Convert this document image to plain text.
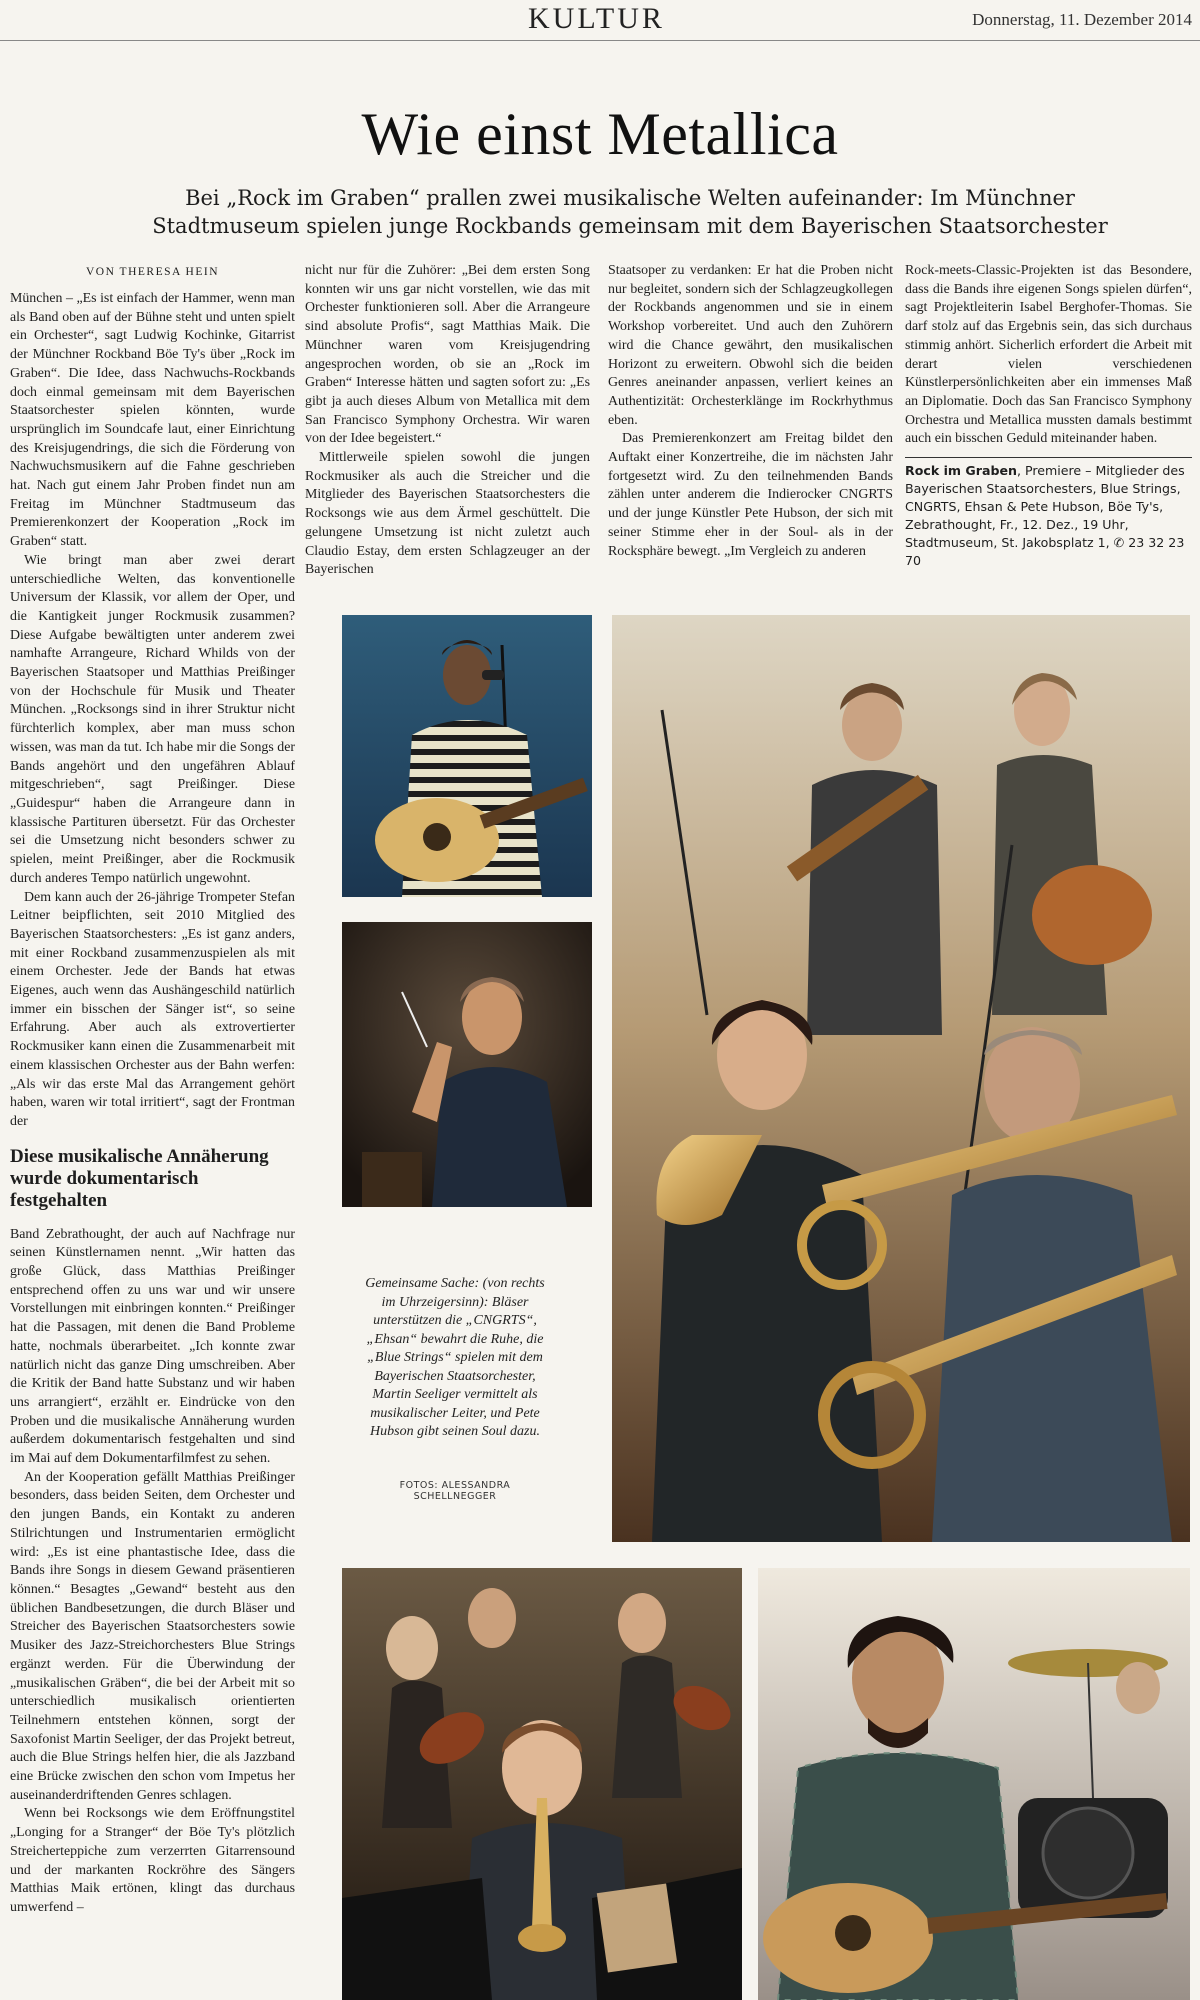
KULTUR	Donnerstag, 11. Dezember 2014
Wie einst Metallica
Bei „Rock im Graben“ prallen zwei musikalische Welten aufeinander: Im Münchner Stadtmuseum spielen junge Rockbands gemeinsam mit dem Bayerischen Staatsorchester
VON THERESA HEIN

München – „Es ist einfach der Hammer, wenn man als Band oben auf der Bühne steht und unten spielt ein Orchester“, sagt Ludwig Kochinke, Gitarrist der Münchner Rockband Böe Ty's über „Rock im Graben“. Die Idee, dass Nachwuchs-Rockbands doch einmal gemeinsam mit dem Bayerischen Staatsorchester spielen könnten, wurde ursprünglich im Soundcafe laut, einer Einrichtung des Kreisjugendrings, die sich die Förderung von Nachwuchsmusikern auf die Fahne geschrieben hat. Nach gut einem Jahr Proben findet nun am Freitag im Münchner Stadtmuseum das Premierenkonzert der Kooperation „Rock im Graben“ statt.

Wie bringt man aber zwei derart unterschiedliche Welten, das konventionelle Universum der Klassik, vor allem der Oper, und die Kantigkeit junger Rockmusik zusammen? Diese Aufgabe bewältigten unter anderem zwei namhafte Arrangeure, Richard Whilds von der Bayerischen Staatsoper und Matthias Preißinger von der Hochschule für Musik und Theater München. „Rocksongs sind in ihrer Struktur nicht fürchterlich komplex, aber man muss schon wissen, was man da tut. Ich habe mir die Songs der Bands angehört und den ungefähren Ablauf mitgeschrieben“, sagt Preißinger. Diese „Guidespur“ haben die Arrangeure dann in klassische Partituren übersetzt. Für das Orchester sei die Umsetzung nicht besonders schwer zu spielen, meint Preißinger, aber die Rockmusik durch anderes Tempo natürlich ungewohnt.

Dem kann auch der 26-jährige Trompeter Stefan Leitner beipflichten, seit 2010 Mitglied des Bayerischen Staatsorchesters: „Es ist ganz anders, mit einer Rockband zusammenzuspielen als mit einem Orchester. Jede der Bands hat etwas Eigenes, auch wenn das Aushängeschild natürlich immer ein bisschen der Sänger ist“, so seine Erfahrung. Aber auch als extrovertierter Rockmusiker kann einen die Zusammenarbeit mit einem klassischen Orchester aus der Bahn werfen: „Als wir das erste Mal das Arrangement gehört haben, waren wir total irritiert“, sagt der Frontman der

Diese musikalische Annäherung wurde dokumentarisch festgehalten

Band Zebrathought, der auch auf Nachfrage nur seinen Künstlernamen nennt. „Wir hatten das große Glück, dass Matthias Preißinger entsprechend offen zu uns war und wir unsere Vorstellungen mit einbringen konnten.“ Preißinger hat die Passagen, mit denen die Band Probleme hatte, nochmals überarbeitet. „Ich konnte zwar natürlich nicht das ganze Ding umschreiben. Aber die Kritik der Band hatte Substanz und wir haben uns arrangiert“, erzählt er. Eindrücke von den Proben und die musikalische Annäherung wurden außerdem dokumentarisch festgehalten und sind im Mai auf dem Dokumentarfilmfest zu sehen.

An der Kooperation gefällt Matthias Preißinger besonders, dass beiden Seiten, dem Orchester und den jungen Bands, ein Kontakt zu anderen Stilrichtungen und Instrumentarien ermöglicht wird: „Es ist eine phantastische Idee, dass die Bands ihre Songs in diesem Gewand präsentieren können.“ Besagtes „Gewand“ besteht aus den üblichen Bandbesetzungen, die durch Bläser und Streicher des Bayerischen Staatsorchesters sowie Musiker des Jazz-Streichorchesters Blue Strings ergänzt werden. Für die Überwindung der „musikalischen Gräben“, die bei der Arbeit mit so unterschiedlich musikalisch orientierten Teilnehmern entstehen können, sorgt der Saxofonist Martin Seeliger, der das Projekt betreut, auch die Blue Strings helfen hier, die als Jazzband eine Brücke zwischen den schon vom Impetus her auseinanderdriftenden Genres schlagen.

Wenn bei Rocksongs wie dem Eröffnungstitel „Longing for a Stranger“ der Böe Ty's plötzlich Streicherteppiche zum verzerrten Gitarrensound und der markanten Rockröhre des Sängers Matthias Maik ertönen, klingt das durchaus umwerfend –

nicht nur für die Zuhörer: „Bei dem ersten Song konnten wir uns gar nicht vorstellen, wie das mit Orchester funktionieren soll. Aber die Arrangeure sind absolute Profis“, sagt Matthias Maik. Die Münchner waren vom Kreisjugendring angesprochen worden, ob sie an „Rock im Graben“ Interesse hätten und sagten sofort zu: „Es gibt ja auch dieses Album von Metallica mit dem San Francisco Symphony Orchestra. Wir waren von der Idee begeistert.“

Mittlerweile spielen sowohl die jungen Rockmusiker als auch die Streicher und die Mitglieder des Bayerischen Staatsorchesters die Rocksongs wie aus dem Ärmel geschüttelt. Die gelungene Umsetzung ist nicht zuletzt auch Claudio Estay, dem ersten Schlagzeuger an der Bayerischen

Staatsoper zu verdanken: Er hat die Proben nicht nur begleitet, sondern sich der Schlagzeugkollegen der Rockbands angenommen und sie in einem Workshop vorbereitet. Und auch den Zuhörern wird die Chance gewährt, den musikalischen Horizont zu erweitern. Obwohl sich die beiden Genres aneinander anpassen, verliert keines an Authentizität: Orchesterklänge im Rockrhythmus eben.

Das Premierenkonzert am Freitag bildet den Auftakt einer Konzertreihe, die im nächsten Jahr fortgesetzt wird. Zu den teilnehmenden Bands zählen unter anderem die Indierocker CNGRTS und der junge Künstler Pete Hubson, der sich mit seiner Stimme eher in der Soul- als in der Rocksphäre bewegt. „Im Vergleich zu anderen

Rock-meets-Classic-Projekten ist das Besondere, dass die Bands ihre eigenen Songs spielen dürfen“, sagt Projektleiterin Isabel Berghofer-Thomas. Sie darf stolz auf das Ergebnis sein, das sich durchaus stimmig anhört. Sicherlich erfordert die Arbeit mit derart vielen verschiedenen Künstlerpersönlichkeiten aber ein immenses Maß an Diplomatie. Doch das San Francisco Symphony Orchestra und Metallica mussten damals bestimmt auch ein bisschen Geduld miteinander haben.

Rock im Graben, Premiere – Mitglieder des Bayerischen Staatsorchesters, Blue Strings, CNGRTS, Ehsan & Pete Hubson, Böe Ty's, Zebrathought, Fr., 12. Dez., 19 Uhr, Stadtmuseum, St. Jakobsplatz 1, ✆ 23 32 23 70
Gemeinsame Sache: (von rechts im Uhrzeigersinn): Bläser unterstützen die „CNGRTS“, „Ehsan“ bewahrt die Ruhe, die „Blue Strings“ spielen mit dem Bayerischen Staatsorchester, Martin Seeliger vermittelt als musikalischer Leiter, und Pete Hubson gibt seinen Soul dazu.
FOTOS: ALESSANDRA SCHELLNEGGER
